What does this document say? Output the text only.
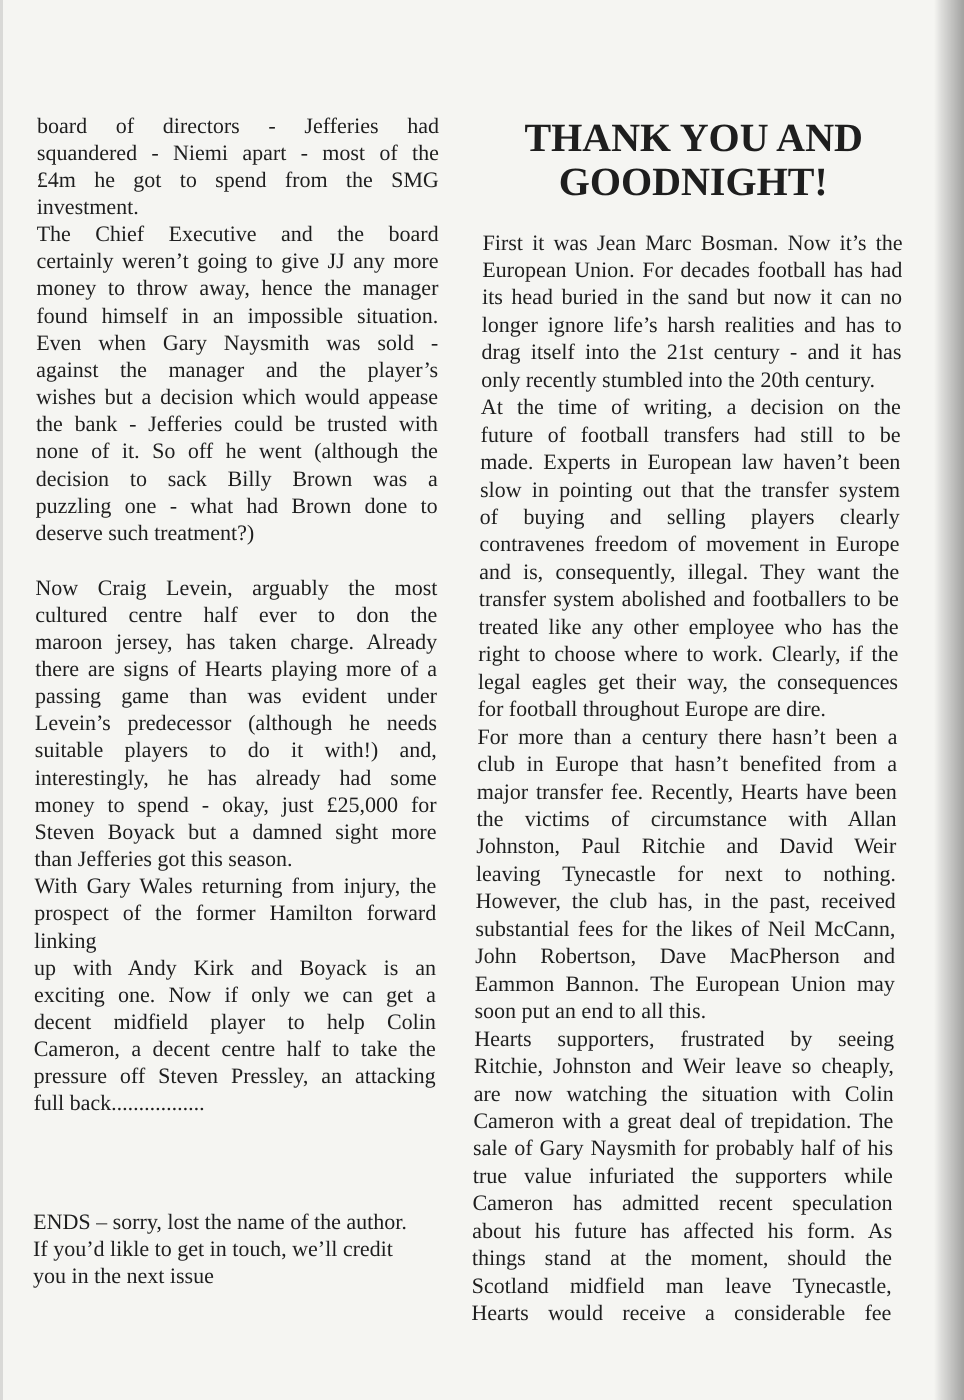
board of directors - Jefferies had
squandered - Niemi apart - most of the
£4m he got to spend from the SMG
investment.
The Chief Executive and the board
certainly weren’t going to give JJ any more
money to throw away, hence the manager
found himself in an impossible situation.
Even when Gary Naysmith was sold -
against the manager and the player’s
wishes but a decision which would appease
the bank - Jefferies could be trusted with
none of it. So off he went (although the
decision to sack Billy Brown was a
puzzling one - what had Brown done to
deserve such treatment?)
Now Craig Levein, arguably the most
cultured centre half ever to don the
maroon jersey, has taken charge. Already
there are signs of Hearts playing more of a
passing game than was evident under
Levein’s predecessor (although he needs
suitable players to do it with!) and,
interestingly, he has already had some
money to spend - okay, just £25,000 for
Steven Boyack but a damned sight more
than Jefferies got this season.
With Gary Wales returning from injury, the
prospect of the former Hamilton forward
linking
up with Andy Kirk and Boyack is an
exciting one. Now if only we can get a
decent midfield player to help Colin
Cameron, a decent centre half to take the
pressure off Steven Pressley, an attacking
full back.................
ENDS – sorry, lost the name of the author.
If you’d likle to get in touch, we’ll credit
you in the next issue
THANK YOU AND
GOODNIGHT!
First it was Jean Marc Bosman. Now it’s the
European Union. For decades football has had
its head buried in the sand but now it can no
longer ignore life’s harsh realities and has to
drag itself into the 21st century - and it has
only recently stumbled into the 20th century.
At the time of writing, a decision on the
future of football transfers had still to be
made. Experts in European law haven’t been
slow in pointing out that the transfer system
of buying and selling players clearly
contravenes freedom of movement in Europe
and is, consequently, illegal. They want the
transfer system abolished and footballers to be
treated like any other employee who has the
right to choose where to work. Clearly, if the
legal eagles get their way, the consequences
for football throughout Europe are dire.
For more than a century there hasn’t been a
club in Europe that hasn’t benefited from a
major transfer fee. Recently, Hearts have been
the victims of circumstance with Allan
Johnston, Paul Ritchie and David Weir
leaving Tynecastle for next to nothing.
However, the club has, in the past, received
substantial fees for the likes of Neil McCann,
John Robertson, Dave MacPherson and
Eammon Bannon. The European Union may
soon put an end to all this.
Hearts supporters, frustrated by seeing
Ritchie, Johnston and Weir leave so cheaply,
are now watching the situation with Colin
Cameron with a great deal of trepidation. The
sale of Gary Naysmith for probably half of his
true value infuriated the supporters while
Cameron has admitted recent speculation
about his future has affected his form. As
things stand at the moment, should the
Scotland midfield man leave Tynecastle,
Hearts would receive a considerable fee
